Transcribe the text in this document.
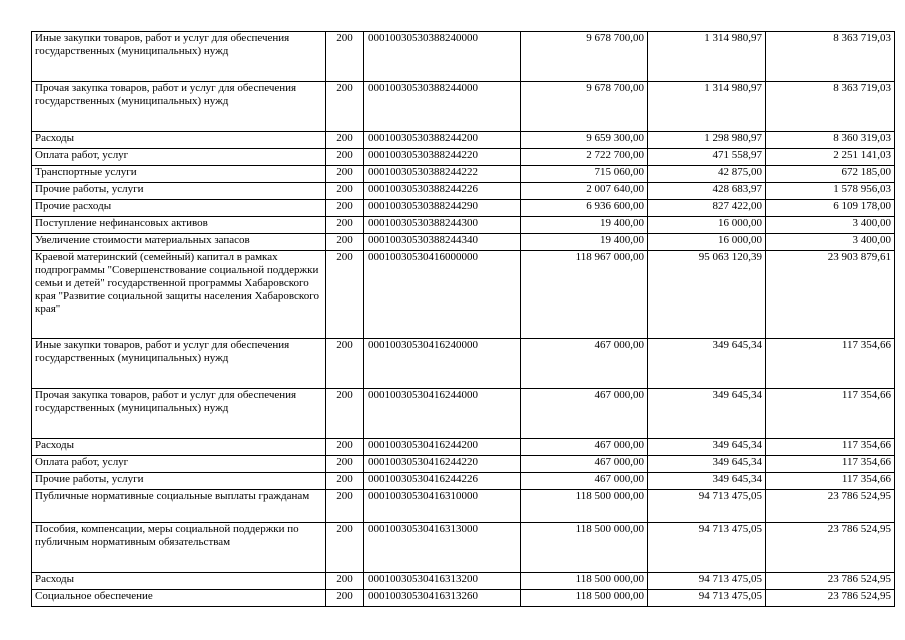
Иные закупки товаров, работ и услуг для обеспечения государственных (муниципальных) нужд	200	00010030530388240000	9 678 700,00	1 314 980,97	8 363 719,03
Прочая закупка товаров, работ и услуг для обеспечения государственных (муниципальных) нужд	200	00010030530388244000	9 678 700,00	1 314 980,97	8 363 719,03
Расходы	200	00010030530388244200	9 659 300,00	1 298 980,97	8 360 319,03
Оплата работ, услуг	200	00010030530388244220	2 722 700,00	471 558,97	2 251 141,03
Транспортные услуги	200	00010030530388244222	715 060,00	42 875,00	672 185,00
Прочие работы, услуги	200	00010030530388244226	2 007 640,00	428 683,97	1 578 956,03
Прочие расходы	200	00010030530388244290	6 936 600,00	827 422,00	6 109 178,00
Поступление нефинансовых активов	200	00010030530388244300	19 400,00	16 000,00	3 400,00
Увеличение стоимости материальных запасов	200	00010030530388244340	19 400,00	16 000,00	3 400,00
Краевой материнский (семейный) капитал в рамках подпрограммы "Совершенствование социальной поддержки семьи и детей" государственной программы Хабаровского края "Развитие социальной защиты населения Хабаровского края"	200	00010030530416000000	118 967 000,00	95 063 120,39	23 903 879,61
Иные закупки товаров, работ и услуг для обеспечения государственных (муниципальных) нужд	200	00010030530416240000	467 000,00	349 645,34	117 354,66
Прочая закупка товаров, работ и услуг для обеспечения государственных (муниципальных) нужд	200	00010030530416244000	467 000,00	349 645,34	117 354,66
Расходы	200	00010030530416244200	467 000,00	349 645,34	117 354,66
Оплата работ, услуг	200	00010030530416244220	467 000,00	349 645,34	117 354,66
Прочие работы, услуги	200	00010030530416244226	467 000,00	349 645,34	117 354,66
Публичные нормативные социальные выплаты гражданам	200	00010030530416310000	118 500 000,00	94 713 475,05	23 786 524,95
Пособия, компенсации, меры социальной поддержки по публичным нормативным обязательствам	200	00010030530416313000	118 500 000,00	94 713 475,05	23 786 524,95
Расходы	200	00010030530416313200	118 500 000,00	94 713 475,05	23 786 524,95
Социальное обеспечение	200	00010030530416313260	118 500 000,00	94 713 475,05	23 786 524,95
